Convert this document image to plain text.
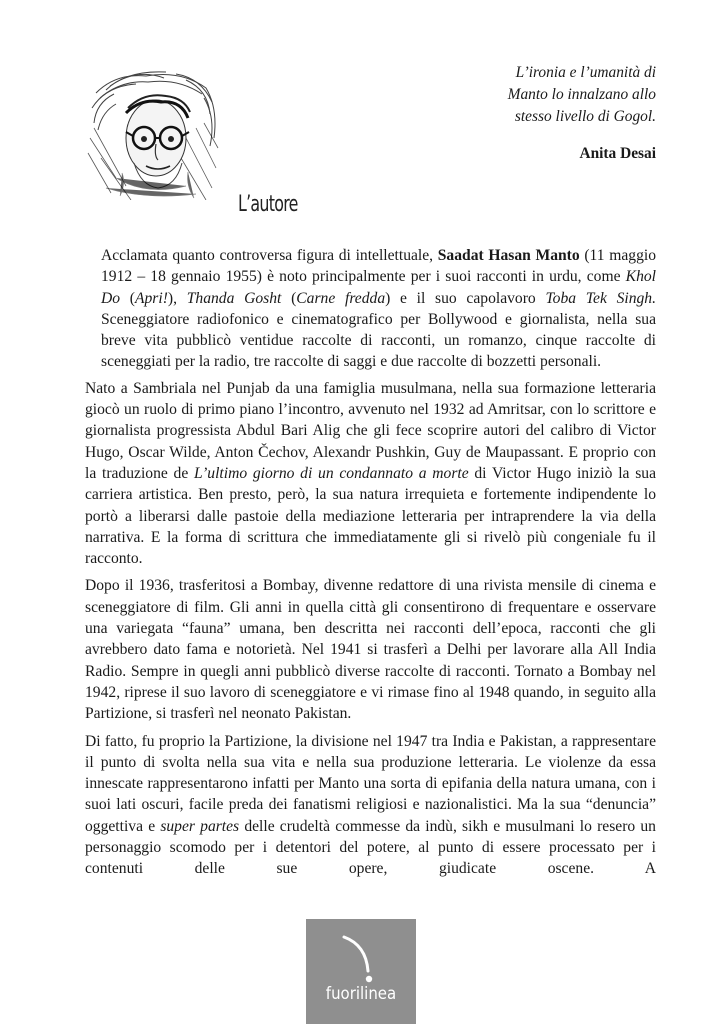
L’ironia e l’umanità di
Manto lo innalzano allo
stesso livello di Gogol.
Anita Desai
L’autore

Acclamata quanto controversa figura di intellettuale, Saadat Hasan Manto (11 maggio 1912 – 18 gennaio 1955) è noto principalmente per i suoi racconti in urdu, come Khol Do (Apri!), Thanda Gosht (Carne fredda) e il suo capolavoro Toba Tek Singh. Sceneggiatore radiofonico e cinematografico per Bollywood e giornalista, nella sua breve vita pubblicò ventidue raccolte di racconti, un romanzo, cinque raccolte di sceneggiati per la radio, tre raccolte di saggi e due raccolte di bozzetti personali.

Nato a Sambriala nel Punjab da una famiglia musulmana, nella sua formazione letteraria giocò un ruolo di primo piano l’incontro, avvenuto nel 1932 ad Amritsar, con lo scrittore e giornalista progressista Abdul Bari Alig che gli fece scoprire autori del calibro di Victor Hugo, Oscar Wilde, Anton Čechov, Alexandr Pushkin, Guy de Maupassant. E proprio con la traduzione de L’ultimo giorno di un condannato a morte di Victor Hugo iniziò la sua carriera artistica. Ben presto, però, la sua natura irrequieta e fortemente indipendente lo portò a liberarsi dalle pastoie della mediazione letteraria per intraprendere la via della narrativa. E la forma di scrittura che immediatamente gli si rivelò più congeniale fu il racconto.

Dopo il 1936, trasferitosi a Bombay, divenne redattore di una rivista mensile di cinema e sceneggiatore di film. Gli anni in quella città gli consentirono di frequentare e osservare una variegata “fauna” umana, ben descritta nei racconti dell’epoca, racconti che gli avrebbero dato fama e notorietà. Nel 1941 si trasferì a Delhi per lavorare alla All India Radio. Sempre in quegli anni pubblicò diverse raccolte di racconti. Tornato a Bombay nel 1942, riprese il suo lavoro di sceneggiatore e vi rimase fino al 1948 quando, in seguito alla Partizione, si trasferì nel neonato Pakistan.

Di fatto, fu proprio la Partizione, la divisione nel 1947 tra India e Pakistan, a rappresentare il punto di svolta nella sua vita e nella sua produzione letteraria. Le violenze da essa innescate rappresentarono infatti per Manto una sorta di epifania della natura umana, con i suoi lati oscuri, facile preda dei fanatismi religiosi e nazionalistici. Ma la sua “denuncia” oggettiva e super partes delle crudeltà commesse da indù, sikh e musulmani lo resero un personaggio scomodo per i detentori del potere, al punto di essere processato per i contenuti delle sue opere, giudicate oscene. A

fuorilinea
